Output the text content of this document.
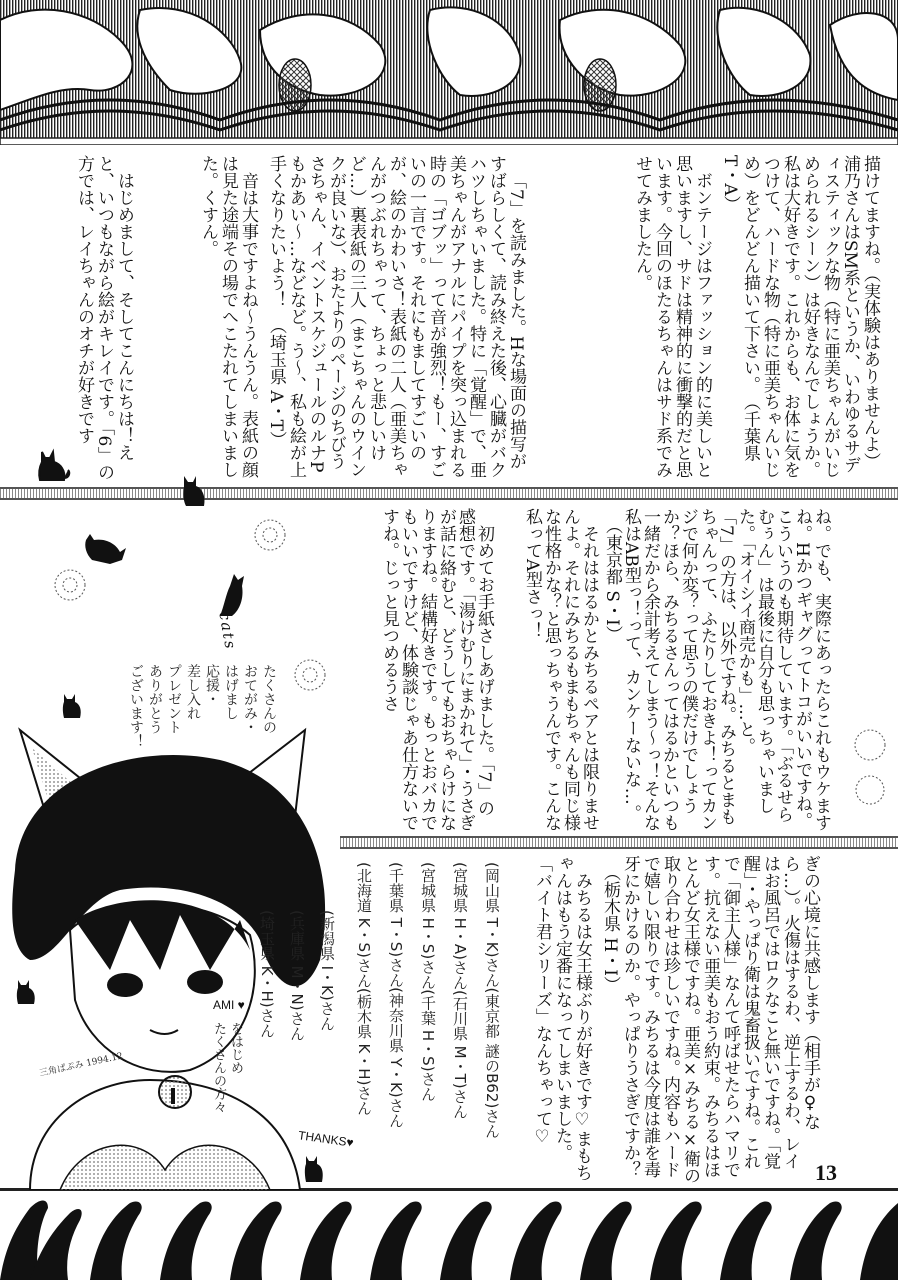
描けてますね。（実体験はありませんよ）

浦乃さんはSM系というか、いわゆるサディスティックな物（特に亜美ちゃんがいじめられるシーン）は好きなんでしょうか。私は大好きです。これからも、お体に気をつけて、ハードな物（特に亜美ちゃんいじめ）をどんどん描いて下さい。（千葉県 T・A）

ボンテージはファッション的に美しいと思いますし、サドは精神的に衝撃的だと思います。今回のほたるちゃんはサド系でみせてみましたん。

「7」を読みました。Hな場面の描写がすばらしくて、読み終えた後、心臓がバクハツしちゃいました。特に「覚醒」で、亜美ちゃんがアナルにパイプを突っ込まれる時の「ゴブッ」って音が強烈！もー、すごいの一言です。それにもましてすごいのが、絵のかわいさ！表紙の二人（亜美ちゃんがつぶれちゃって、ちょっと悲しいけど…）裏表紙の三人（まこちゃんのウインクが良いな）、おたよりのページのちびうさちゃん、イベントスケジュールのルナPもかあい～…などなど。う～、私も絵が上手くなりたいよう！（埼玉県 A・T）

音は大事ですよね～うんうん。表紙の顔は見た途端その場でへこたれてしまいました。くすん。

はじめまして、そしてこんにちは！えと、いつもながら絵がキレイです。「6」の方では、レイちゃんのオチが好きです

ね。でも、実際にあったらこれもウケますね。Hかつギャグってトコがいいですね。こういうのも期待しています。「ぶるせらむぅん」は最後に自分も思っちゃいました。「オイシイ商売かも」…と。

「7」の方は、以外ですね。みちるとまもちゃんって、ふたりしておきよ！ってカンジで何か変？って思うの僕だけでしょうか？ほら、みちるさんってはるかといつも一緒だから余計考えてしまう～っ！そんな私はAB型っ！って、カンケーないな…。（東京都 S・I）

それははるかとみちるペアとは限りませんよ。それにみちるもまもちゃんも同じ様な性格かな？と思っちゃうんです。こんな私ってA型さっ！

初めてお手紙さしあげました。「7」の感想です。「湯けむりにまかれて」・うさぎが話に絡むと、どうしてもおちゃらけになりますね。結構好きです。もっとおバカでもいいですけど、体験談じゃあ仕方ないですね。じっと見つめるうさ

ぎの心境に共感します（相手が♀なら…）。火傷はするわ、逆上するわ、レイはお風呂ではロクなこと無いですね。「覚醒」・やっぱり衛は鬼畜扱いですね。これで「御主人様」なんて呼ばせたらハマリです。抗えない亜美もおう約束。みちるはほとんど女王様ですね。亜美×みちる×衛の取り合わせは珍しいですね。内容もハードで嬉しい限りです。みちるは今度は誰を毒牙にかけるのか。やっぱりうさぎですか？（栃木県 H・I）

みちるは女王様ぶりが好きです♡まもちゃんはもう定番になってしまいました。「バイト君シリーズ」なんちゃって♡

(岡山県 T・K)さん(東京都 謎のB62)さん
(宮城県 H・A)さん(石川県 M・T)さん
(宮城県 H・S)さん(千葉 H・S)さん
(千葉県 T・S)さん(神奈川県 Y・K)さん
(北海道 K・S)さん(栃木県 K・H)さん
(新潟県 I・K)さん
(兵庫県 M・N)さん
(埼玉県 K・H)さん
をはじめ
たくさんの方々
AMI ♥
THANKS♥
たくさんの
おてがみ・
はげまし
応援・
差し入れ
プレゼント
ありがとう
ございます！
cats
三角ぱぷみ 1994.12
13
